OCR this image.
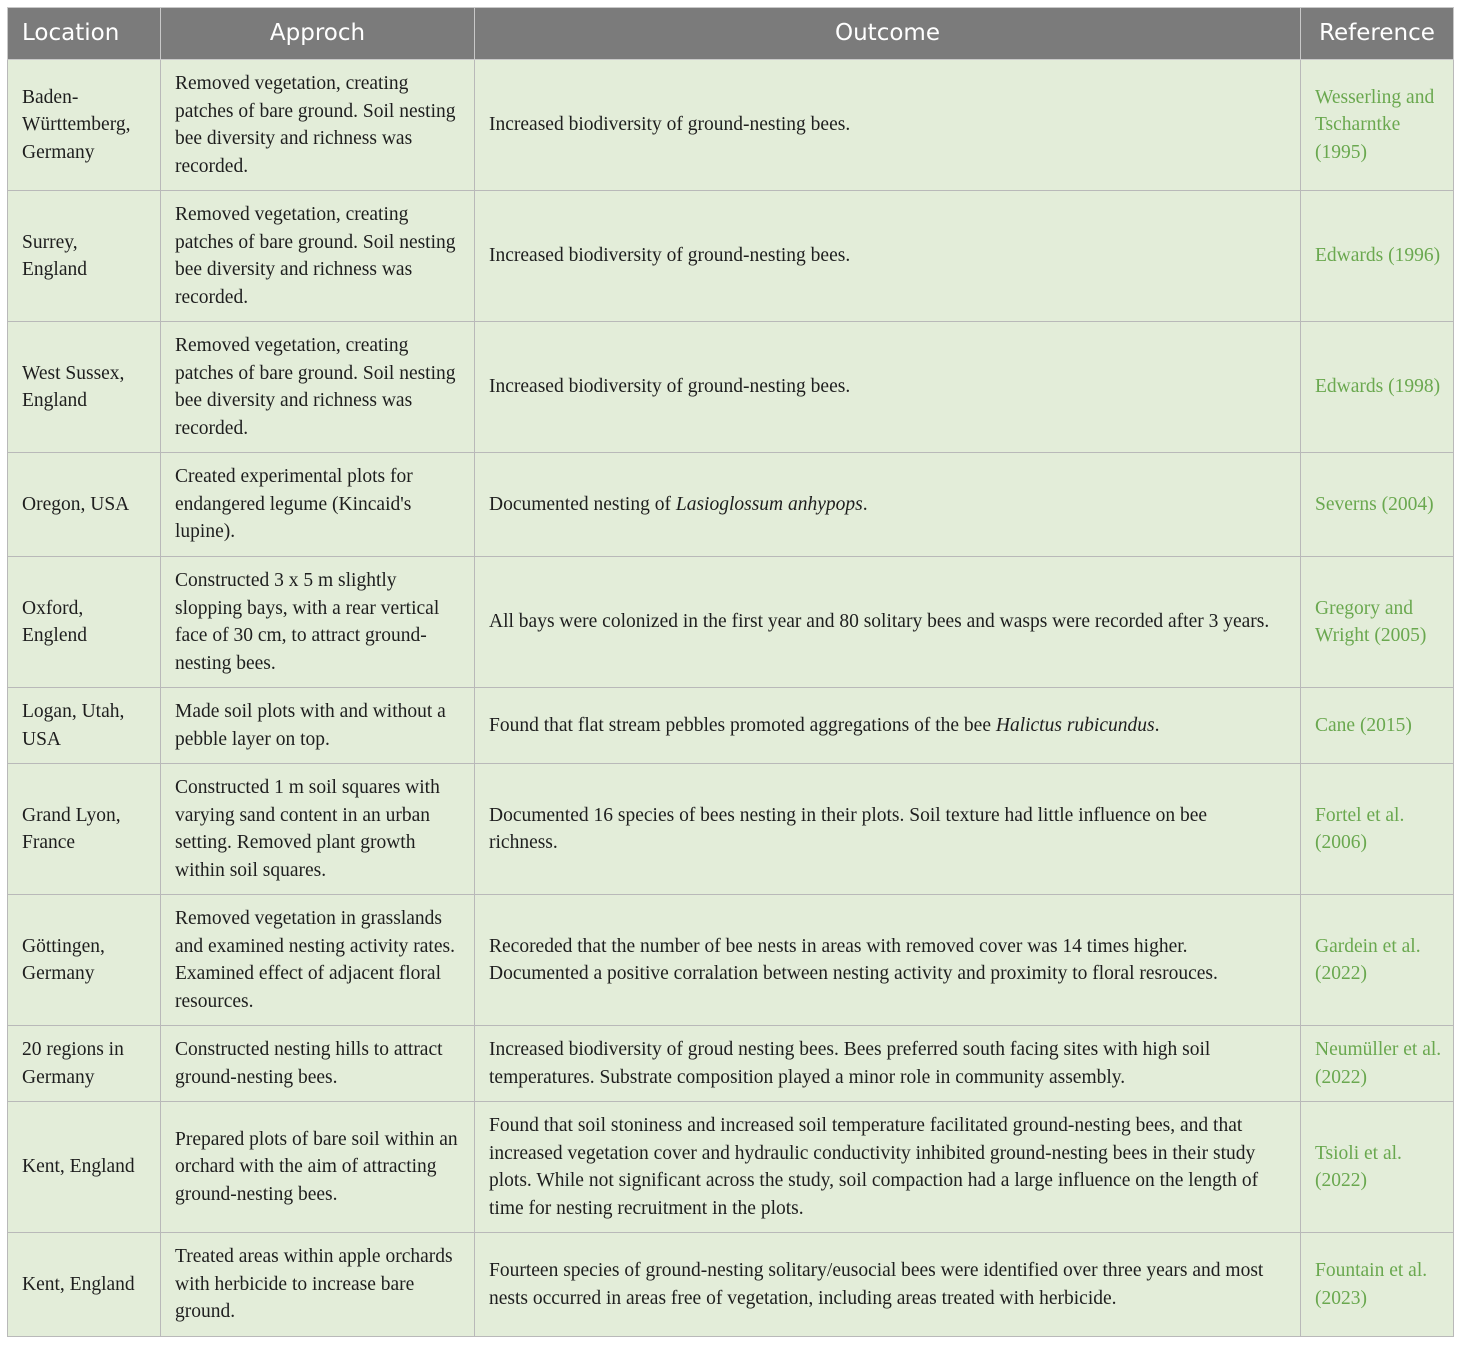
Location	Approch	Outcome	Reference
Baden-Württemberg, Germany	Removed vegetation, creating patches of bare ground. Soil nesting bee diversity and richness was recorded.	Increased biodiversity of ground-nesting bees.	Wesserling and Tscharntke (1995)
Surrey, England	Removed vegetation, creating patches of bare ground. Soil nesting bee diversity and richness was recorded.	Increased biodiversity of ground-nesting bees.	Edwards (1996)
West Sussex, England	Removed vegetation, creating patches of bare ground. Soil nesting bee diversity and richness was recorded.	Increased biodiversity of ground-nesting bees.	Edwards (1998)
Oregon, USA	Created experimental plots for endangered legume (Kincaid's lupine).	Documented nesting of Lasioglossum anhypops.	Severns (2004)
Oxford, Englend	Constructed 3 x 5 m slightly slopping bays, with a rear vertical face of 30 cm, to attract ground-nesting bees.	All bays were colonized in the first year and 80 solitary bees and wasps were recorded after 3 years.	Gregory and Wright (2005)
Logan, Utah, USA	Made soil plots with and without a pebble layer on top.	Found that flat stream pebbles promoted aggregations of the bee Halictus rubicundus.	Cane (2015)
Grand Lyon, France	Constructed 1 m soil squares with varying sand content in an urban setting. Removed plant growth within soil squares.	Documented 16 species of bees nesting in their plots. Soil texture had little influence on bee richness.	Fortel et al. (2006)
Göttingen, Germany	Removed vegetation in grasslands and examined nesting activity rates. Examined effect of adjacent floral resources.	Recoreded that the number of bee nests in areas with removed cover was 14 times higher. Documented a positive corralation between nesting activity and proximity to floral resrouces.	Gardein et al. (2022)
20 regions in Germany	Constructed nesting hills to attract ground-nesting bees.	Increased biodiversity of groud nesting bees. Bees preferred south facing sites with high soil temperatures. Substrate composition played a minor role in community assembly.	Neumüller et al. (2022)
Kent, England	Prepared plots of bare soil within an orchard with the aim of attracting ground-nesting bees.	Found that soil stoniness and increased soil temperature facilitated ground-nesting bees, and that increased vegetation cover and hydraulic conductivity inhibited ground-nesting bees in their study plots. While not significant across the study, soil compaction had a large influence on the length of time for nesting recruitment in the plots.	Tsioli et al. (2022)
Kent, England	Treated areas within apple orchards with herbicide to increase bare ground.	Fourteen species of ground-nesting solitary/eusocial bees were identified over three years and most nests occurred in areas free of vegetation, including areas treated with herbicide.	Fountain et al. (2023)
